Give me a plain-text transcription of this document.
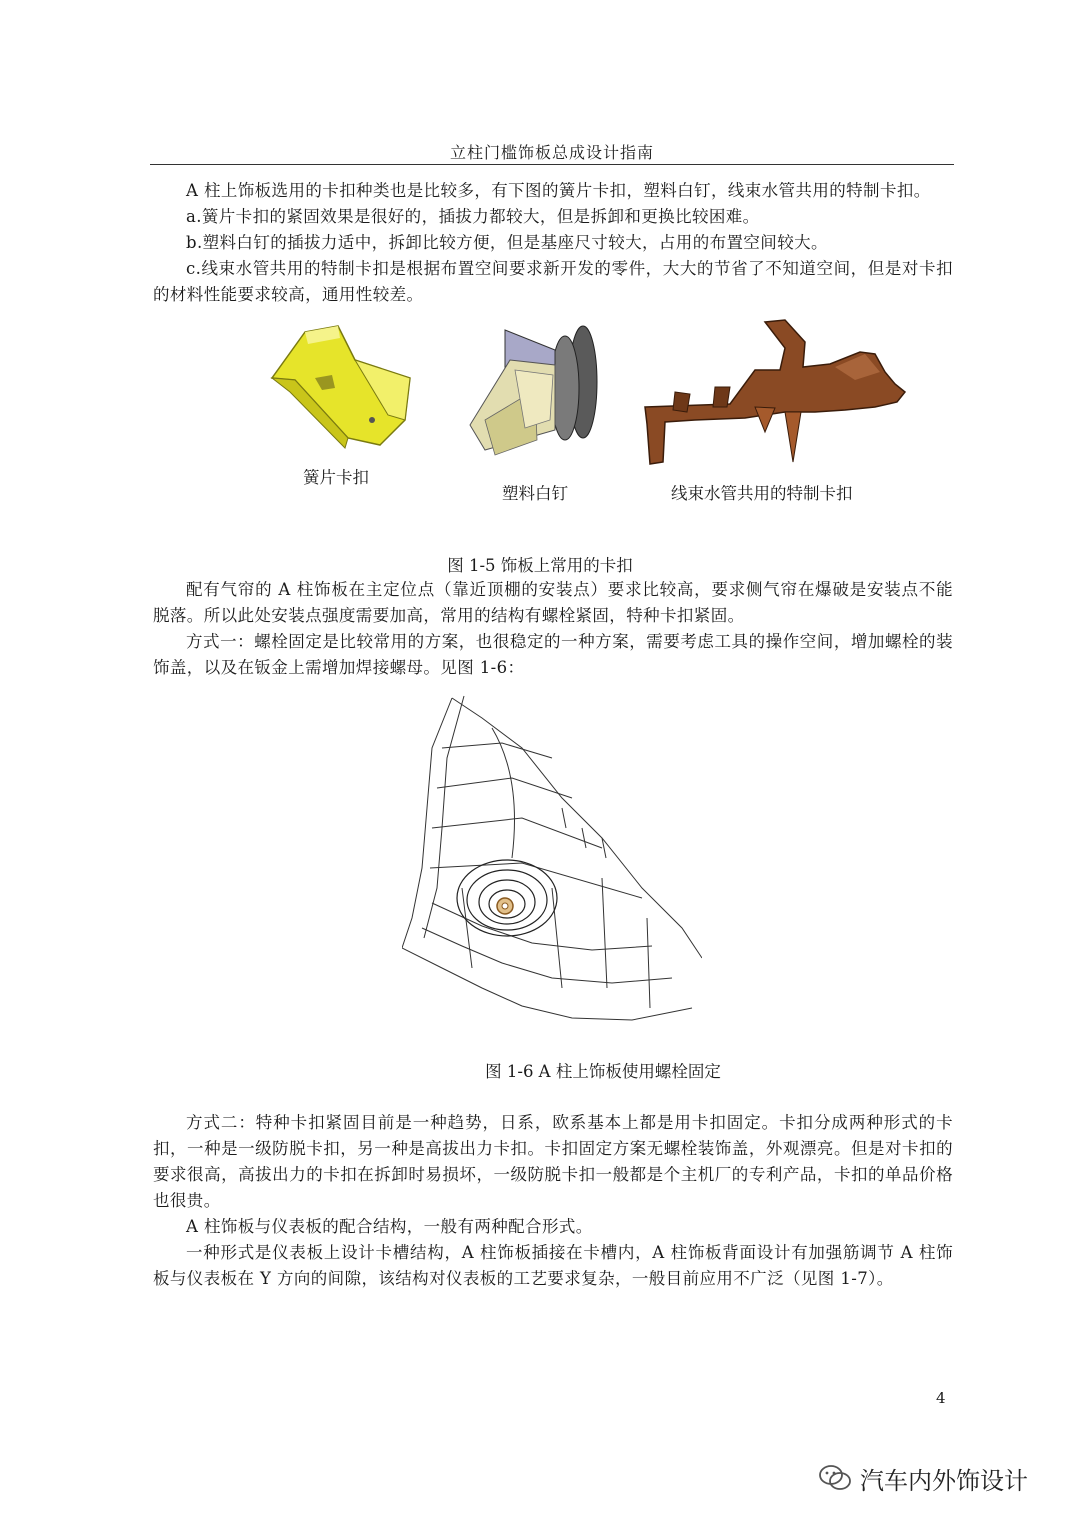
立柱门槛饰板总成设计指南

A 柱上饰板选用的卡扣种类也是比较多，有下图的簧片卡扣，塑料白钉，线束水管共用的特制卡扣。

a.簧片卡扣的紧固效果是很好的，插拔力都较大，但是拆卸和更换比较困难。

b.塑料白钉的插拔力适中，拆卸比较方便，但是基座尺寸较大，占用的布置空间较大。

c.线束水管共用的特制卡扣是根据布置空间要求新开发的零件，大大的节省了不知道空间，但是对卡扣的材料性能要求较高，通用性较差。

簧片卡扣
塑料白钉	线束水管共用的特制卡扣
图 1-5 饰板上常用的卡扣

配有气帘的 A 柱饰板在主定位点（靠近顶棚的安装点）要求比较高，要求侧气帘在爆破是安装点不能脱落。所以此处安装点强度需要加高，常用的结构有螺栓紧固，特种卡扣紧固。

方式一：螺栓固定是比较常用的方案，也很稳定的一种方案，需要考虑工具的操作空间，增加螺栓的装饰盖，以及在钣金上需增加焊接螺母。见图 1-6：

图 1-6 A 柱上饰板使用螺栓固定

方式二：特种卡扣紧固目前是一种趋势，日系，欧系基本上都是用卡扣固定。卡扣分成两种形式的卡扣，一种是一级防脱卡扣，另一种是高拔出力卡扣。卡扣固定方案无螺栓装饰盖，外观漂亮。但是对卡扣的要求很高，高拔出力的卡扣在拆卸时易损坏，一级防脱卡扣一般都是个主机厂的专利产品，卡扣的单品价格也很贵。

A 柱饰板与仪表板的配合结构，一般有两种配合形式。

一种形式是仪表板上设计卡槽结构，A 柱饰板插接在卡槽内，A 柱饰板背面设计有加强筋调节 A 柱饰板与仪表板在 Y 方向的间隙，该结构对仪表板的工艺要求复杂，一般目前应用不广泛（见图 1-7）。

4
汽车内外饰设计
